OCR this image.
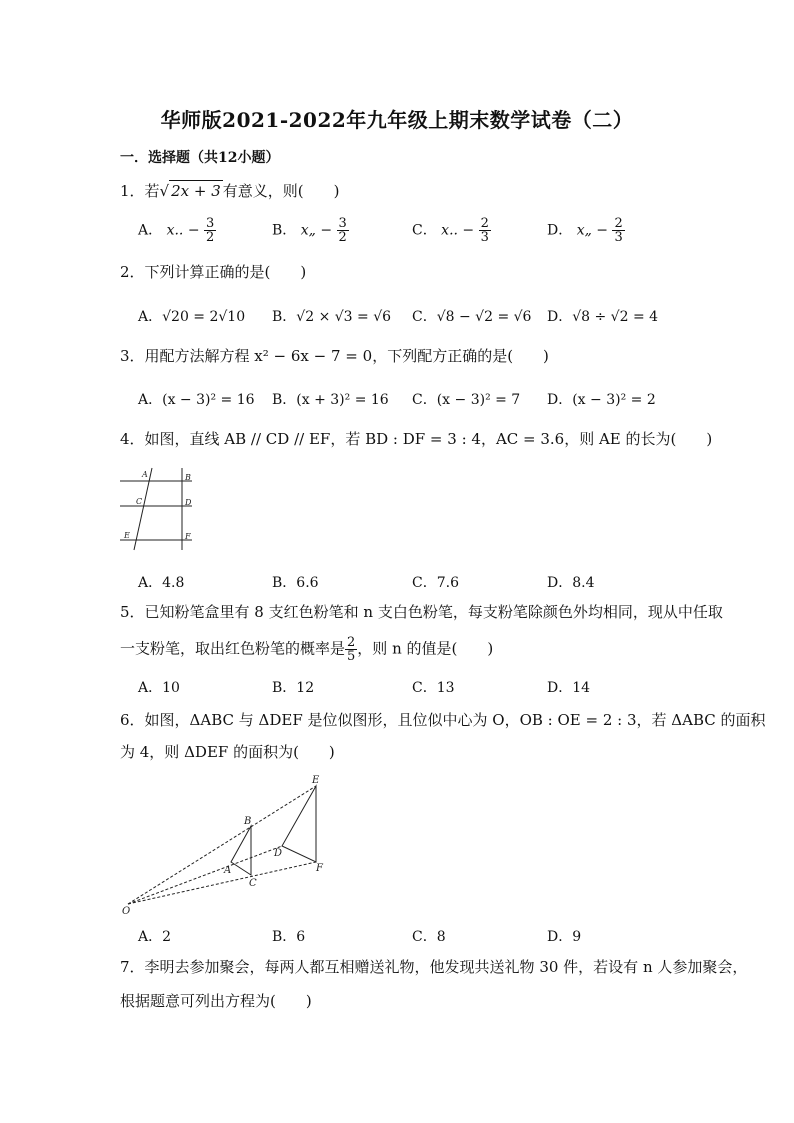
华师版2021-2022年九年级上期末数学试卷（二）
一．选择题（共12小题）
1．若√ 2x + 3 有意义，则(　　)
A． x.. − $\frac{3}{2}$	B． x„ − $\frac{3}{2}$	C． x.. − $\frac{2}{3}$	D． x„ − $\frac{2}{3}$
2．下列计算正确的是(　　)
A．√20 = 2√10 B．√2 × √3 = √6 C．√8 − √2 = √6 D．√8 ÷ √2 = 4
3．用配方法解方程 x² − 6x − 7 = 0，下列配方正确的是(　　)
A．(x − 3)² = 16 B．(x + 3)² = 16 C．(x − 3)² = 7 D．(x − 3)² = 2
4．如图，直线 AB // CD // EF，若 BD : DF = 3 : 4，AC = 3.6，则 AE 的长为(　　)
A	B
C	D
E	F
A．4.8	B．6.6	C．7.6	D．8.4
5．已知粉笔盒里有 8 支红色粉笔和 n 支白色粉笔，每支粉笔除颜色外均相同，现从中任取
一支粉笔，取出红色粉笔的概率是 $\frac{2}{5}$ ，则 n 的值是(　　)
A．10	B．12	C．13	D．14
6．如图，ΔABC 与 ΔDEF 是位似图形，且位似中心为 O，OB : OE = 2 : 3，若 ΔABC 的面积
为 4，则 ΔDEF 的面积为(　　)
E
B
D
A
C
F
O
A．2	B．6	C．8	D．9
7．李明去参加聚会，每两人都互相赠送礼物，他发现共送礼物 30 件，若设有 n 人参加聚会，
根据题意可列出方程为(　　)
